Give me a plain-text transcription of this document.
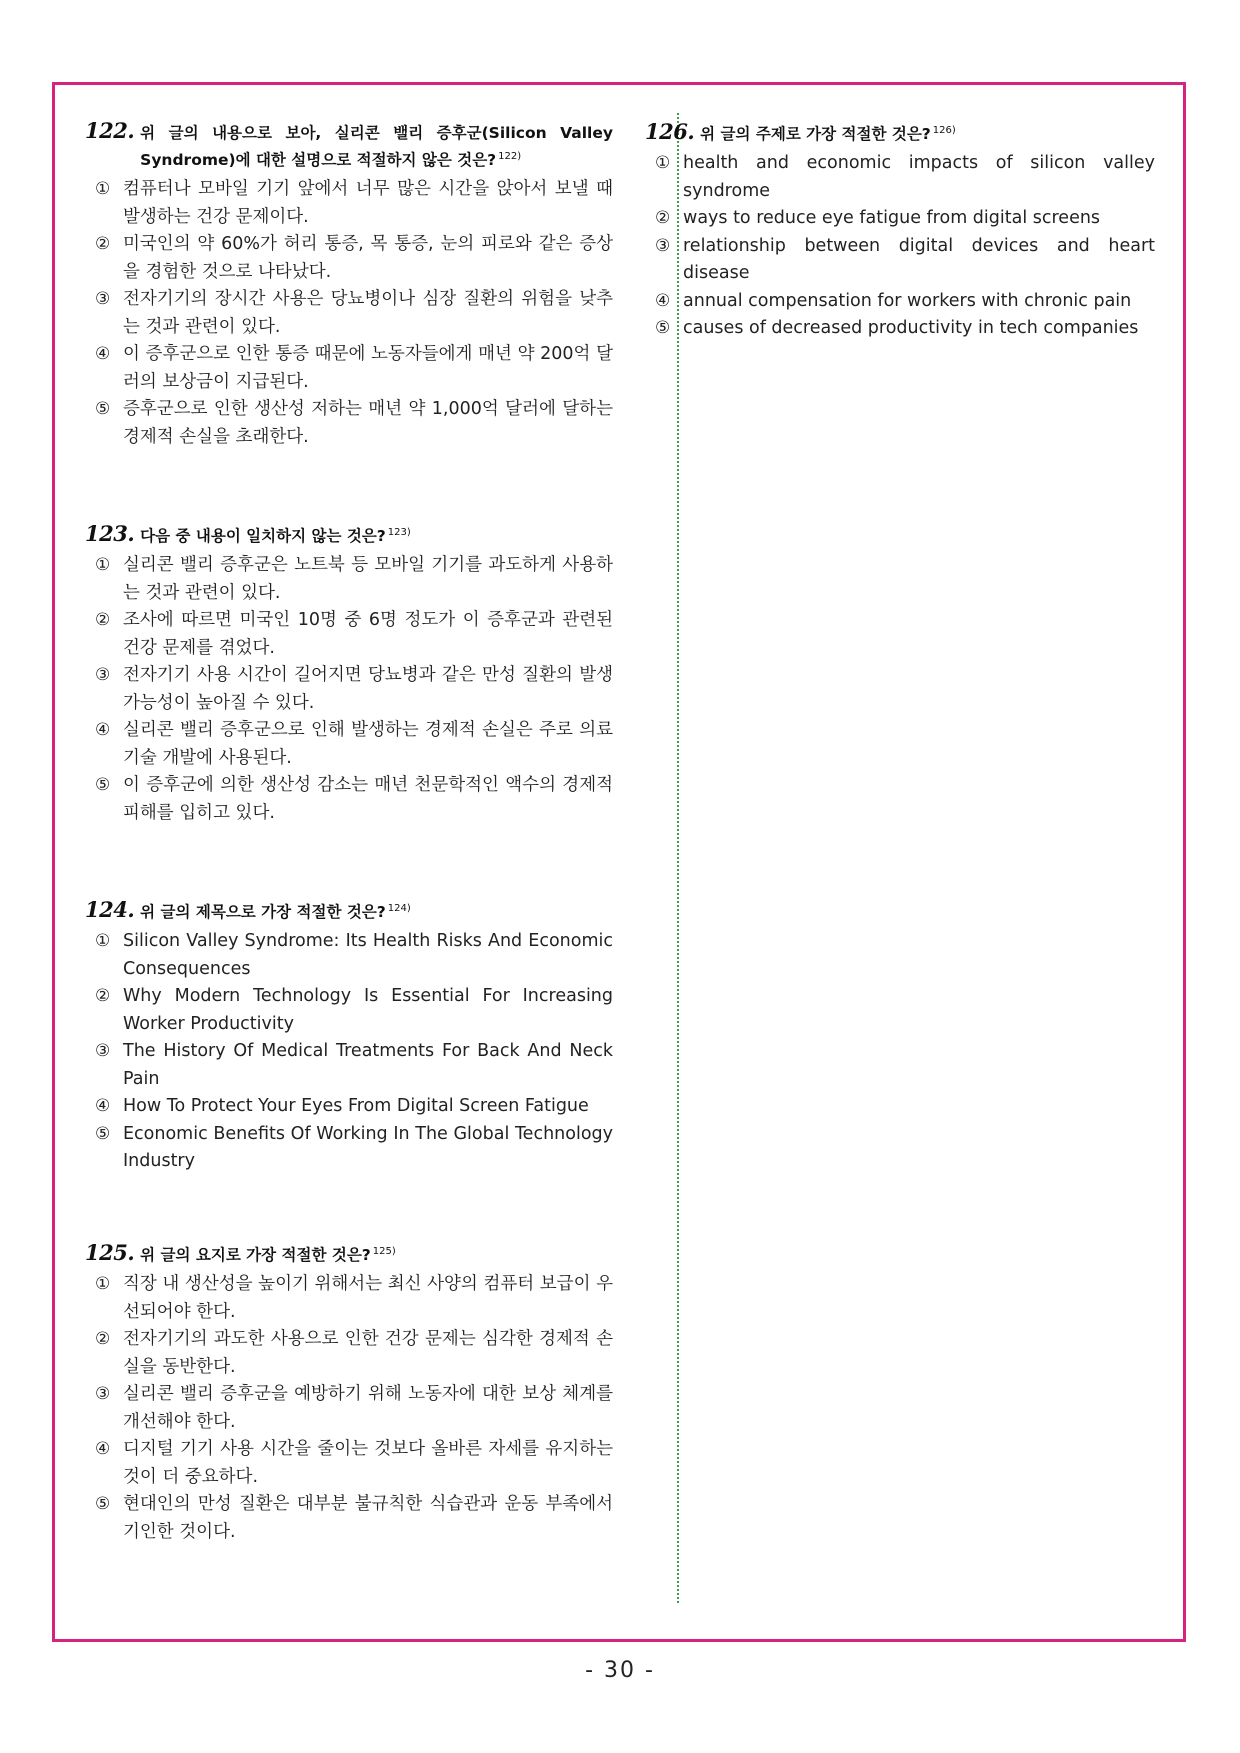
122. 위 글의 내용으로 보아, 실리콘 밸리 증후군(Silicon Valley Syndrome)에 대한 설명으로 적절하지 않은 것은? $^{122)}$
① 컴퓨터나 모바일 기기 앞에서 너무 많은 시간을 앉아서 보낼 때 발생하는 건강 문제이다.
② 미국인의 약 60%가 허리 통증, 목 통증, 눈의 피로와 같은 증상을 경험한 것으로 나타났다.
③ 전자기기의 장시간 사용은 당뇨병이나 심장 질환의 위험을 낮추는 것과 관련이 있다.
④ 이 증후군으로 인한 통증 때문에 노동자들에게 매년 약 200억 달러의 보상금이 지급된다.
⑤ 증후군으로 인한 생산성 저하는 매년 약 1,000억 달러에 달하는 경제적 손실을 초래한다.
123. 다음 중 내용이 일치하지 않는 것은? $^{123)}$
① 실리콘 밸리 증후군은 노트북 등 모바일 기기를 과도하게 사용하는 것과 관련이 있다.
② 조사에 따르면 미국인 10명 중 6명 정도가 이 증후군과 관련된 건강 문제를 겪었다.
③ 전자기기 사용 시간이 길어지면 당뇨병과 같은 만성 질환의 발생 가능성이 높아질 수 있다.
④ 실리콘 밸리 증후군으로 인해 발생하는 경제적 손실은 주로 의료 기술 개발에 사용된다.
⑤ 이 증후군에 의한 생산성 감소는 매년 천문학적인 액수의 경제적 피해를 입히고 있다.
124. 위 글의 제목으로 가장 적절한 것은? $^{124)}$
① Silicon Valley Syndrome: Its Health Risks And Economic Consequences
② Why Modern Technology Is Essential For Increasing Worker Productivity
③ The History Of Medical Treatments For Back And Neck Pain
④ How To Protect Your Eyes From Digital Screen Fatigue
⑤ Economic Benefits Of Working In The Global Technology Industry
125. 위 글의 요지로 가장 적절한 것은? $^{125)}$
① 직장 내 생산성을 높이기 위해서는 최신 사양의 컴퓨터 보급이 우선되어야 한다.
② 전자기기의 과도한 사용으로 인한 건강 문제는 심각한 경제적 손실을 동반한다.
③ 실리콘 밸리 증후군을 예방하기 위해 노동자에 대한 보상 체계를 개선해야 한다.
④ 디지털 기기 사용 시간을 줄이는 것보다 올바른 자세를 유지하는 것이 더 중요하다.
⑤ 현대인의 만성 질환은 대부분 불규칙한 식습관과 운동 부족에서 기인한 것이다.
126. 위 글의 주제로 가장 적절한 것은? $^{126)}$
① health and economic impacts of silicon valley syndrome
② ways to reduce eye fatigue from digital screens
③ relationship between digital devices and heart disease
④ annual compensation for workers with chronic pain
⑤ causes of decreased productivity in tech companies
- 30 -
